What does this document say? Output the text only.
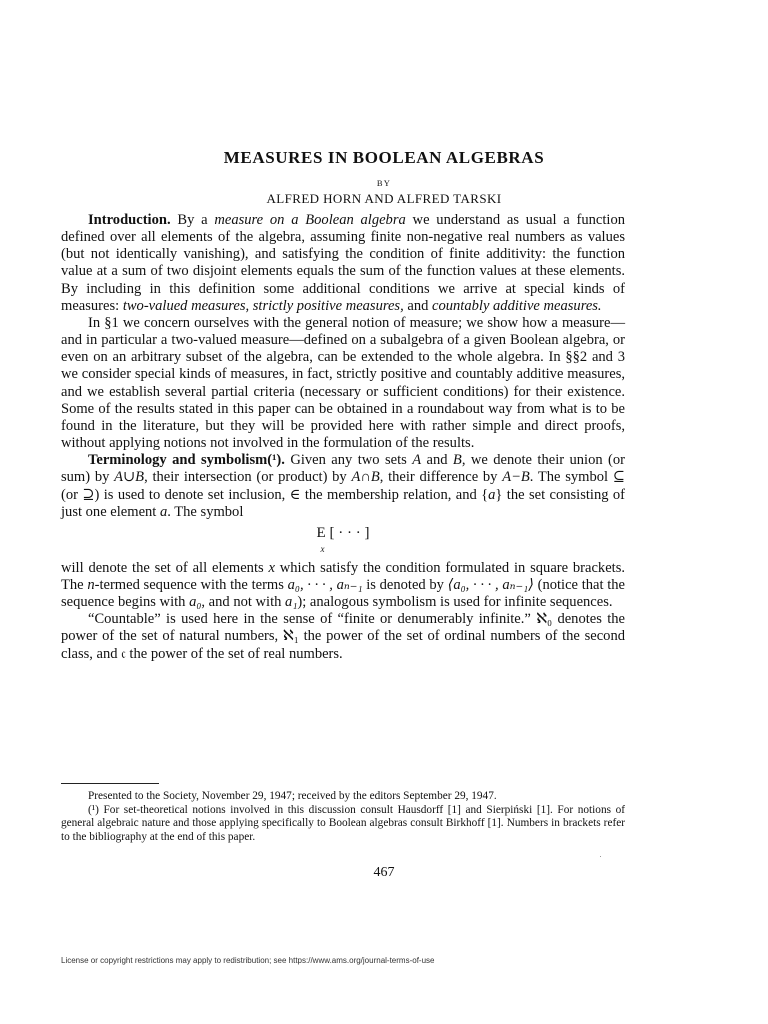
MEASURES IN BOOLEAN ALGEBRAS
BY
ALFRED HORN AND ALFRED TARSKI

Introduction. By a measure on a Boolean algebra we understand as usual a function defined over all elements of the algebra, assuming finite non-negative real numbers as values (but not identically vanishing), and satisfying the condition of finite additivity: the function value at a sum of two disjoint elements equals the sum of the function values at these elements. By including in this definition some additional conditions we arrive at special kinds of measures: two-valued measures, strictly positive measures, and countably additive measures.

In §1 we concern ourselves with the general notion of measure; we show how a measure—and in particular a two-valued measure—defined on a subalgebra of a given Boolean algebra, or even on an arbitrary subset of the algebra, can be extended to the whole algebra. In §§2 and 3 we consider special kinds of measures, in fact, strictly positive and countably additive measures, and we establish several partial criteria (necessary or sufficient conditions) for their existence. Some of the results stated in this paper can be obtained in a roundabout way from what is to be found in the literature, but they will be provided here with rather simple and direct proofs, without applying notions not involved in the formulation of the results.

Terminology and symbolism(¹). Given any two sets A and B, we denote their union (or sum) by A∪B, their intersection (or product) by A∩B, their difference by A−B. The symbol ⊆ (or ⊇) is used to denote set inclusion, ∈ the membership relation, and {a} the set consisting of just one element a. The symbol

E [ · · · ]
x

will denote the set of all elements x which satisfy the condition formulated in square brackets. The n-termed sequence with the terms a₀, · · · , aₙ₋₁ is denoted by ⟨a₀, · · · , aₙ₋₁⟩ (notice that the sequence begins with a₀, and not with a₁); analogous symbolism is used for infinite sequences.

“Countable” is used here in the sense of “finite or denumerably infinite.” ℵ₀ denotes the power of the set of natural numbers, ℵ₁ the power of the set of ordinal numbers of the second class, and 𝔠 the power of the set of real numbers.

Presented to the Society, November 29, 1947; received by the editors September 29, 1947.

(¹) For set-theoretical notions involved in this discussion consult Hausdorff [1] and Sierpiński [1]. For notions of general algebraic nature and those applying specifically to Boolean algebras consult Birkhoff [1]. Numbers in brackets refer to the bibliography at the end of this paper.

467
License or copyright restrictions may apply to redistribution; see https://www.ams.org/journal-terms-of-use
